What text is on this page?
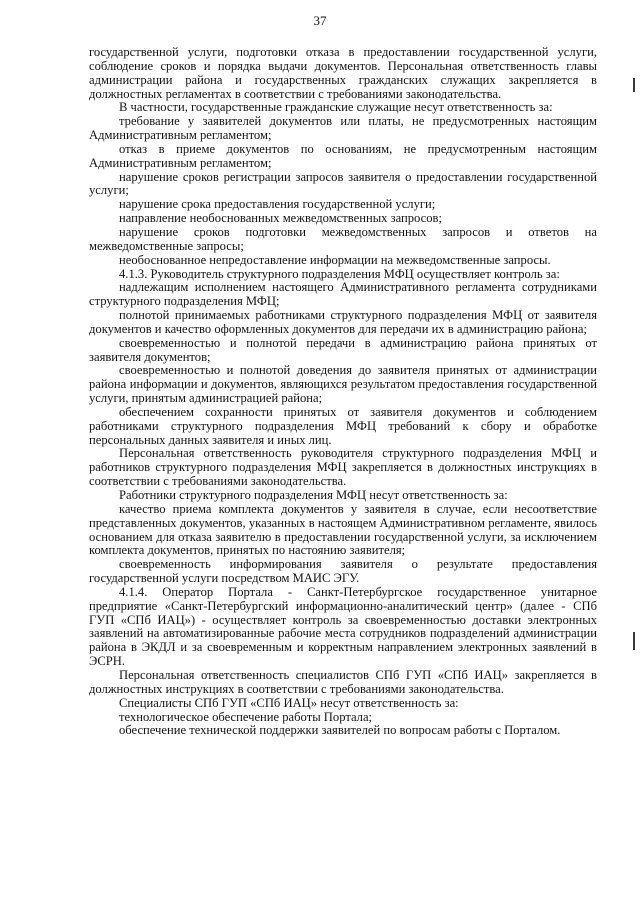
37

государственной услуги, подготовки отказа в предоставлении государственной услуги, соблюдение сроков и порядка выдачи документов. Персональная ответственность главы администрации района и государственных гражданских служащих закрепляется в должностных регламентах в соответствии с требованиями законодательства.

В частности, государственные гражданские служащие несут ответственность за:

требование у заявителей документов или платы, не предусмотренных настоящим Административным регламентом;

отказ в приеме документов по основаниям, не предусмотренным настоящим Административным регламентом;

нарушение сроков регистрации запросов заявителя о предоставлении государственной услуги;

нарушение срока предоставления государственной услуги;

направление необоснованных межведомственных запросов;

нарушение сроков подготовки межведомственных запросов и ответов на межведомственные запросы;

необоснованное непредоставление информации на межведомственные запросы.

4.1.3. Руководитель структурного подразделения МФЦ осуществляет контроль за:

надлежащим исполнением настоящего Административного регламента сотрудниками структурного подразделения МФЦ;

полнотой принимаемых работниками структурного подразделения МФЦ от заявителя документов и качество оформленных документов для передачи их в администрацию района;

своевременностью и полнотой передачи в администрацию района принятых от заявителя документов;

своевременностью и полнотой доведения до заявителя принятых от администрации района информации и документов, являющихся результатом предоставления государственной услуги, принятым администрацией района;

обеспечением сохранности принятых от заявителя документов и соблюдением работниками структурного подразделения МФЦ требований к сбору и обработке персональных данных заявителя и иных лиц.

Персональная ответственность руководителя структурного подразделения МФЦ и работников структурного подразделения МФЦ закрепляется в должностных инструкциях в соответствии с требованиями законодательства.

Работники структурного подразделения МФЦ несут ответственность за:

качество приема комплекта документов у заявителя в случае, если несоответствие представленных документов, указанных в настоящем Административном регламенте, явилось основанием для отказа заявителю в предоставлении государственной услуги, за исключением комплекта документов, принятых по настоянию заявителя;

своевременность информирования заявителя о результате предоставления государственной услуги посредством МАИС ЭГУ.

4.1.4. Оператор Портала - Санкт-Петербургское государственное унитарное предприятие «Санкт-Петербургский информационно-аналитический центр» (далее - СПб ГУП «СПб ИАЦ») - осуществляет контроль за своевременностью доставки электронных заявлений на автоматизированные рабочие места сотрудников подразделений администрации района в ЭКДЛ и за своевременным и корректным направлением электронных заявлений в ЭСРН.

Персональная ответственность специалистов СПб ГУП «СПб ИАЦ» закрепляется в должностных инструкциях в соответствии с требованиями законодательства.

Специалисты СПб ГУП «СПб ИАЦ» несут ответственность за:

технологическое обеспечение работы Портала;

обеспечение технической поддержки заявителей по вопросам работы с Порталом.
